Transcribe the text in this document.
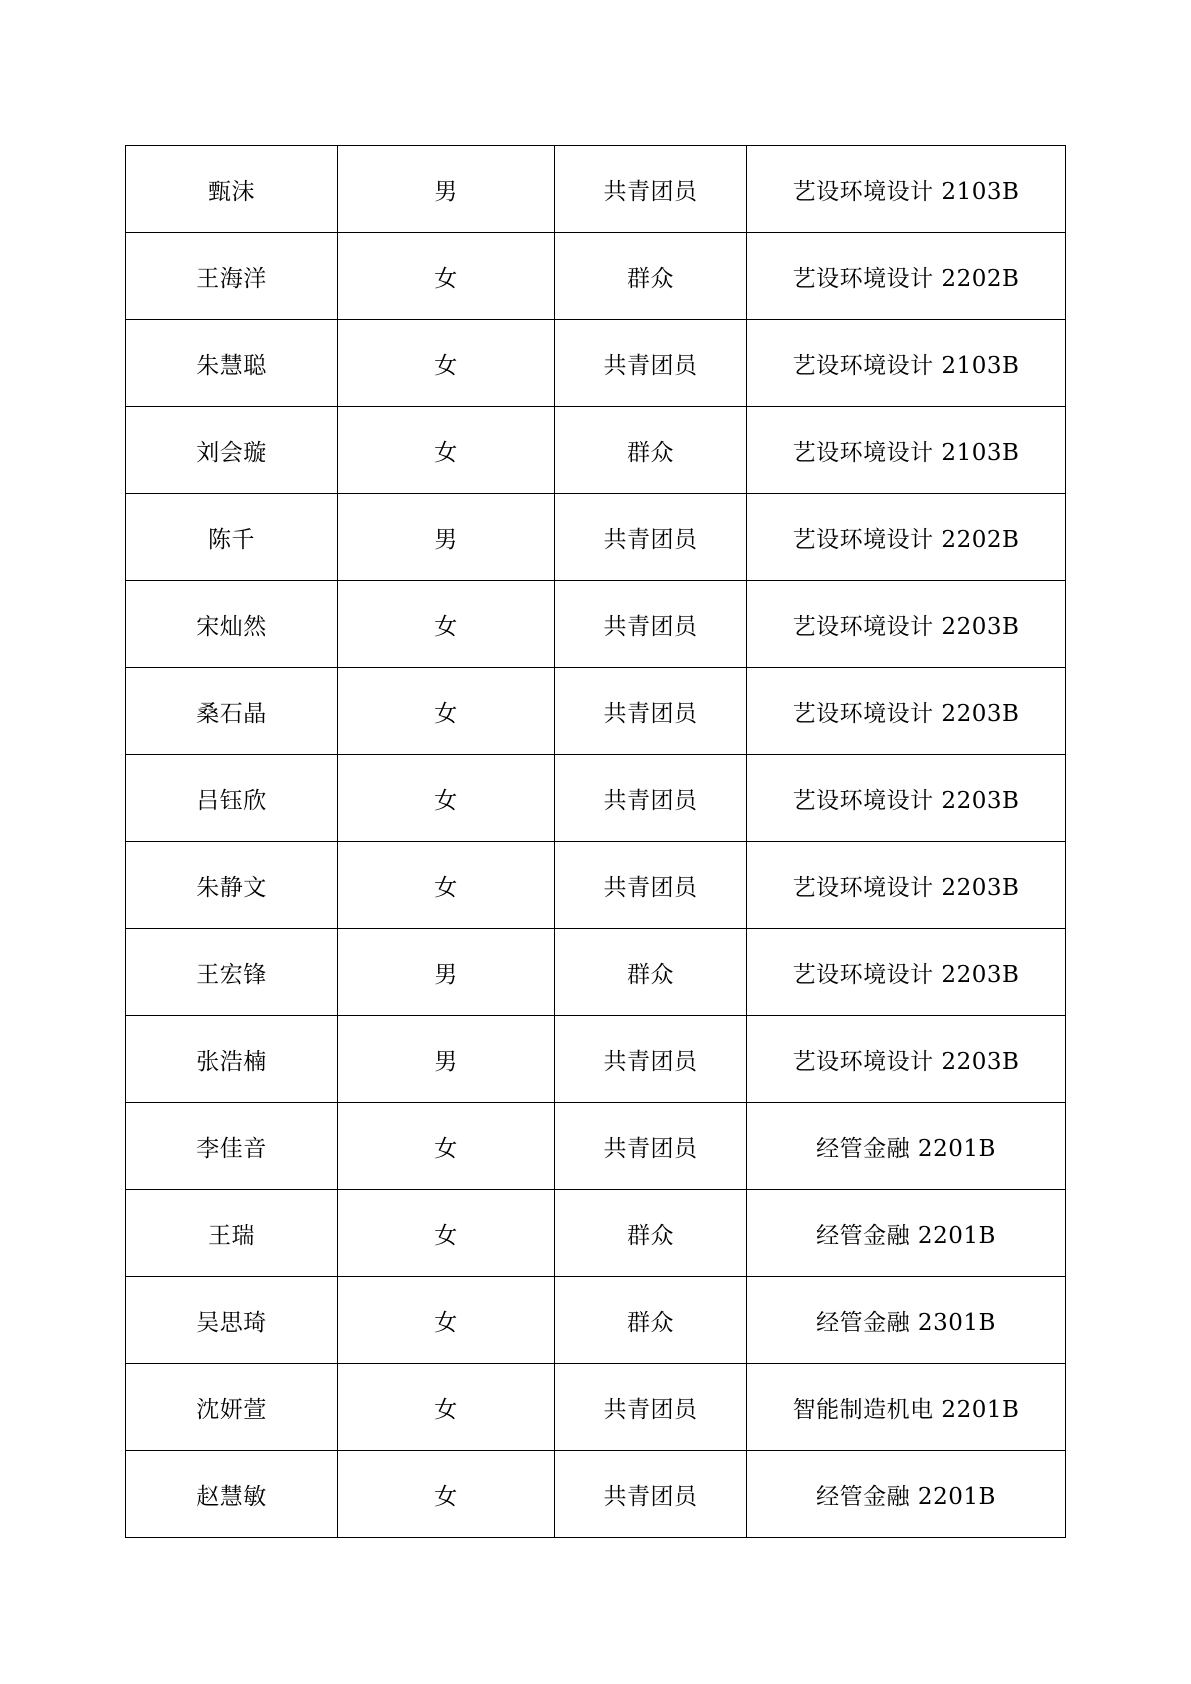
甄沫	男	共青团员	艺设环境设计 2103B
王海洋	女	群众	艺设环境设计 2202B
朱慧聪	女	共青团员	艺设环境设计 2103B
刘会璇	女	群众	艺设环境设计 2103B
陈千	男	共青团员	艺设环境设计 2202B
宋灿然	女	共青团员	艺设环境设计 2203B
桑石晶	女	共青团员	艺设环境设计 2203B
吕钰欣	女	共青团员	艺设环境设计 2203B
朱静文	女	共青团员	艺设环境设计 2203B
王宏锋	男	群众	艺设环境设计 2203B
张浩楠	男	共青团员	艺设环境设计 2203B
李佳音	女	共青团员	经管金融 2201B
王瑞	女	群众	经管金融 2201B
吴思琦	女	群众	经管金融 2301B
沈妍萱	女	共青团员	智能制造机电 2201B
赵慧敏	女	共青团员	经管金融 2201B
